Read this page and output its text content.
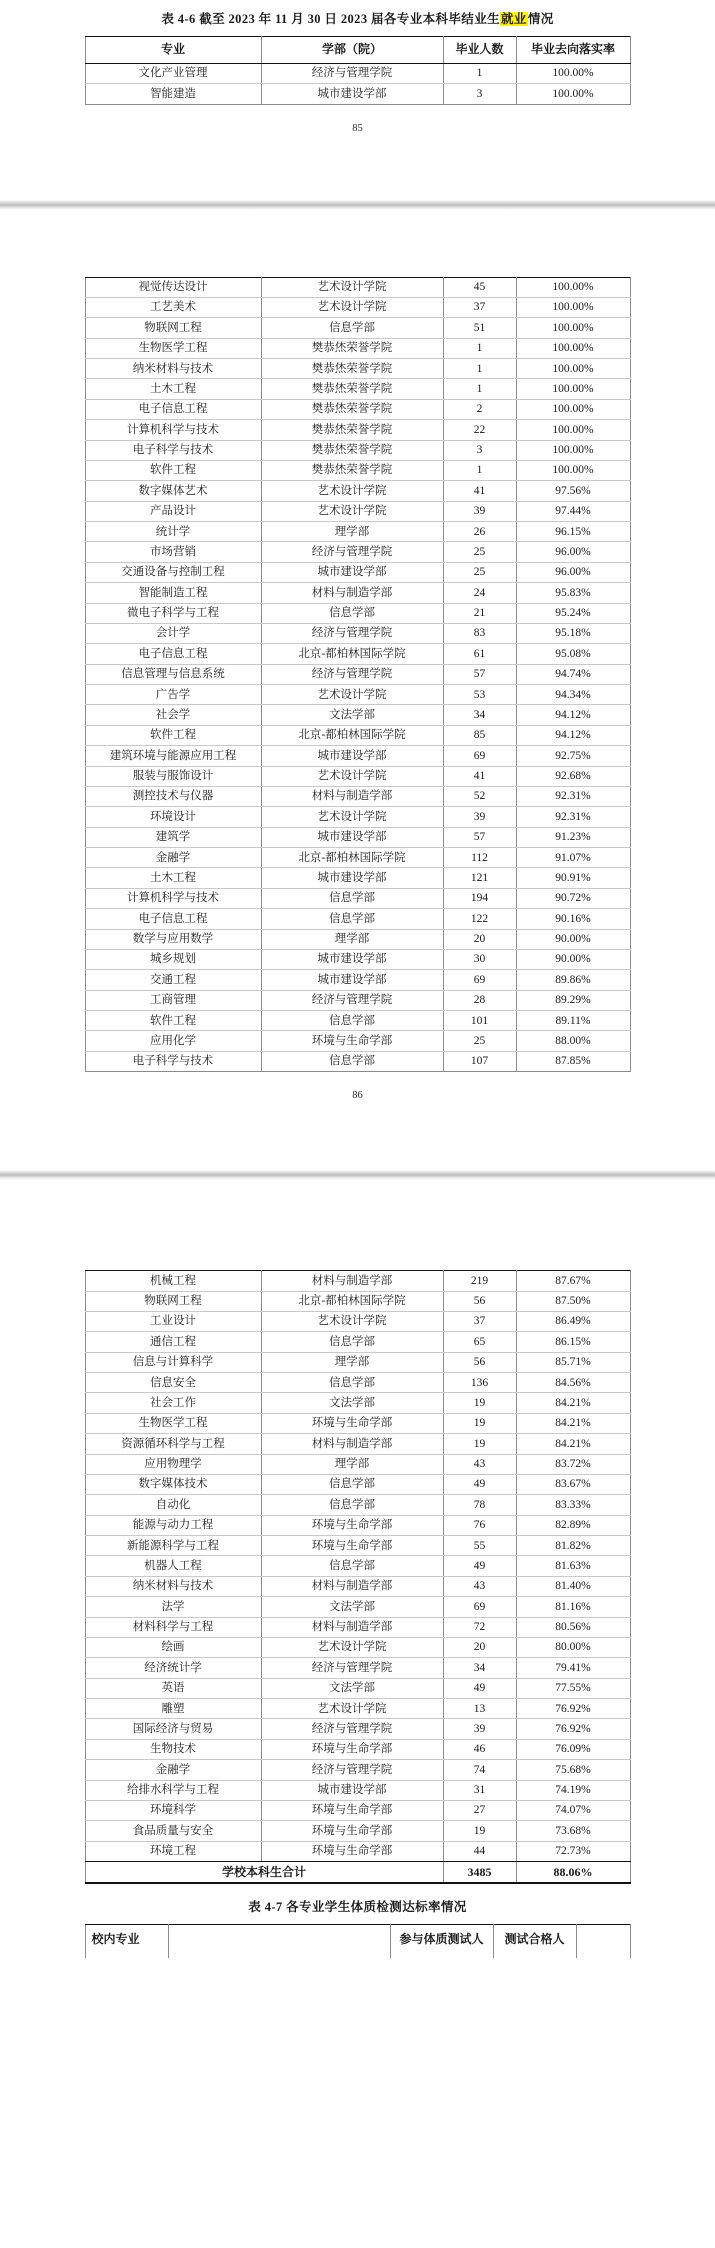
表 4-6 截至 2023 年 11 月 30 日 2023 届各专业本科毕结业生就业情况
专业	学部（院）	毕业人数	毕业去向落实率
文化产业管理	经济与管理学院	1	100.00%
智能建造	城市建设学部	3	100.00%
85
视觉传达设计	艺术设计学院	45	100.00%
工艺美术	艺术设计学院	37	100.00%
物联网工程	信息学部	51	100.00%
生物医学工程	樊恭烋荣誉学院	1	100.00%
纳米材料与技术	樊恭烋荣誉学院	1	100.00%
土木工程	樊恭烋荣誉学院	1	100.00%
电子信息工程	樊恭烋荣誉学院	2	100.00%
计算机科学与技术	樊恭烋荣誉学院	22	100.00%
电子科学与技术	樊恭烋荣誉学院	3	100.00%
软件工程	樊恭烋荣誉学院	1	100.00%
数字媒体艺术	艺术设计学院	41	97.56%
产品设计	艺术设计学院	39	97.44%
统计学	理学部	26	96.15%
市场营销	经济与管理学院	25	96.00%
交通设备与控制工程	城市建设学部	25	96.00%
智能制造工程	材料与制造学部	24	95.83%
微电子科学与工程	信息学部	21	95.24%
会计学	经济与管理学院	83	95.18%
电子信息工程	北京-都柏林国际学院	61	95.08%
信息管理与信息系统	经济与管理学院	57	94.74%
广告学	艺术设计学院	53	94.34%
社会学	文法学部	34	94.12%
软件工程	北京-都柏林国际学院	85	94.12%
建筑环境与能源应用工程	城市建设学部	69	92.75%
服装与服饰设计	艺术设计学院	41	92.68%
测控技术与仪器	材料与制造学部	52	92.31%
环境设计	艺术设计学院	39	92.31%
建筑学	城市建设学部	57	91.23%
金融学	北京-都柏林国际学院	112	91.07%
土木工程	城市建设学部	121	90.91%
计算机科学与技术	信息学部	194	90.72%
电子信息工程	信息学部	122	90.16%
数学与应用数学	理学部	20	90.00%
城乡规划	城市建设学部	30	90.00%
交通工程	城市建设学部	69	89.86%
工商管理	经济与管理学院	28	89.29%
软件工程	信息学部	101	89.11%
应用化学	环境与生命学部	25	88.00%
电子科学与技术	信息学部	107	87.85%
86
机械工程	材料与制造学部	219	87.67%
物联网工程	北京-都柏林国际学院	56	87.50%
工业设计	艺术设计学院	37	86.49%
通信工程	信息学部	65	86.15%
信息与计算科学	理学部	56	85.71%
信息安全	信息学部	136	84.56%
社会工作	文法学部	19	84.21%
生物医学工程	环境与生命学部	19	84.21%
资源循环科学与工程	材料与制造学部	19	84.21%
应用物理学	理学部	43	83.72%
数字媒体技术	信息学部	49	83.67%
自动化	信息学部	78	83.33%
能源与动力工程	环境与生命学部	76	82.89%
新能源科学与工程	环境与生命学部	55	81.82%
机器人工程	信息学部	49	81.63%
纳米材料与技术	材料与制造学部	43	81.40%
法学	文法学部	69	81.16%
材料科学与工程	材料与制造学部	72	80.56%
绘画	艺术设计学院	20	80.00%
经济统计学	经济与管理学院	34	79.41%
英语	文法学部	49	77.55%
雕塑	艺术设计学院	13	76.92%
国际经济与贸易	经济与管理学院	39	76.92%
生物技术	环境与生命学部	46	76.09%
金融学	经济与管理学院	74	75.68%
给排水科学与工程	城市建设学部	31	74.19%
环境科学	环境与生命学部	27	74.07%
食品质量与安全	环境与生命学部	19	73.68%
环境工程	环境与生命学部	44	72.73%
学校本科生合计		3485	88.06%
表 4-7 各专业学生体质检测达标率情况
校内专业		参与体质测试人	测试合格人	
